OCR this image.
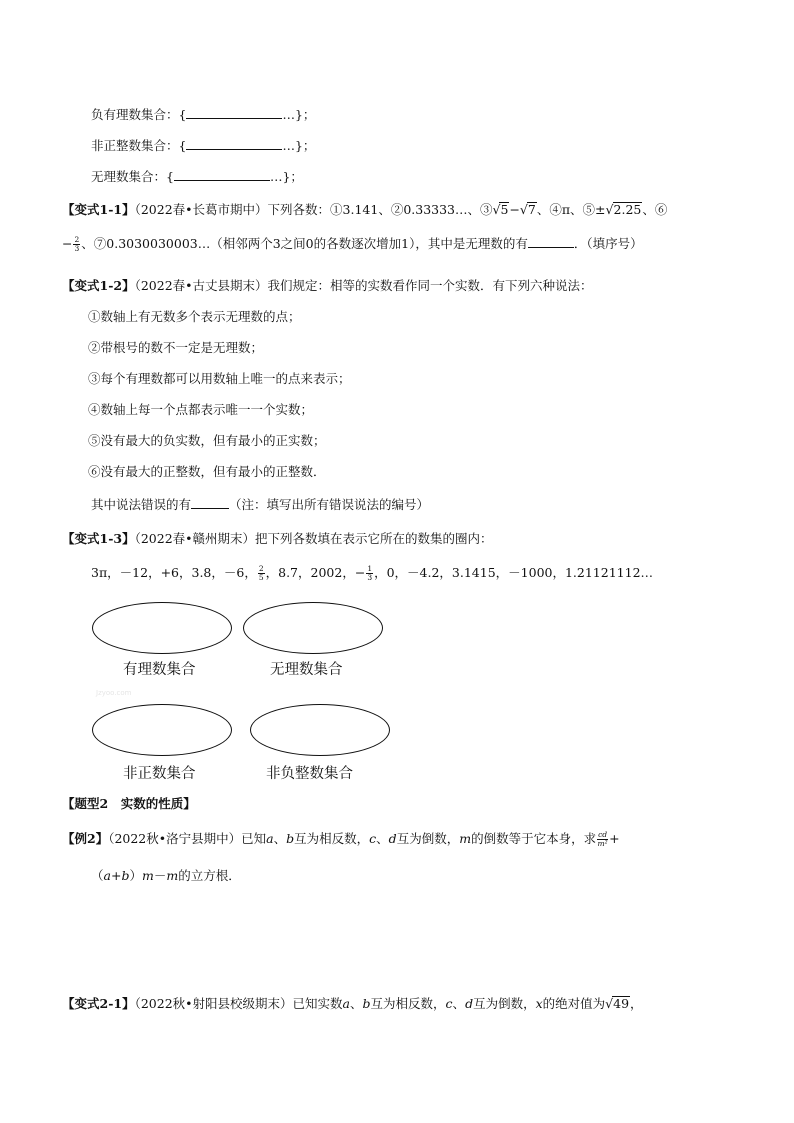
负有理数集合：{	…}；
非正整数集合：{	…}；
无理数集合：{	…}；
【变式1-1】（2022春•长葛市期中）下列各数：①3.141、②0.33333…、③√5−√7、④π、⑤±√2.25、⑥
− $\frac{2}{3}$ 、⑦0.3030030003…（相邻两个3之间0的各数逐次增加1），其中是无理数的有	．（填序号）
【变式1-2】（2022春•古丈县期末）我们规定：相等的实数看作同一个实数．有下列六种说法：
①数轴上有无数多个表示无理数的点；
②带根号的数不一定是无理数；
③每个有理数都可以用数轴上唯一的点来表示；
④数轴上每一个点都表示唯一一个实数；
⑤没有最大的负实数，但有最小的正实数；
⑥没有最大的正整数，但有最小的正整数．
其中说法错误的有	（注：填写出所有错误说法的编号）
【变式1-3】（2022春•赣州期末）把下列各数填在表示它所在的数集的圈内：
3π，－12，+6，3.8，－6， $\frac{2}{5}$ ，8.7，2002，− $\frac{1}{3}$ ，0，－4.2，3.1415，－1000，1.21121112…
有理数集合	无理数集合
Jzyoo.com
非正数集合	非负整数集合
【题型2　实数的性质】
【例2】（2022秋•洛宁县期中）已知a、b互为相反数，c、d互为倒数，m的倒数等于它本身，求 $\frac{cd}{\text{m²}}$ +
（a+b）m－m的立方根．
【变式2-1】（2022秋•射阳县校级期末）已知实数a、b互为相反数，c、d互为倒数，x的绝对值为√49，
